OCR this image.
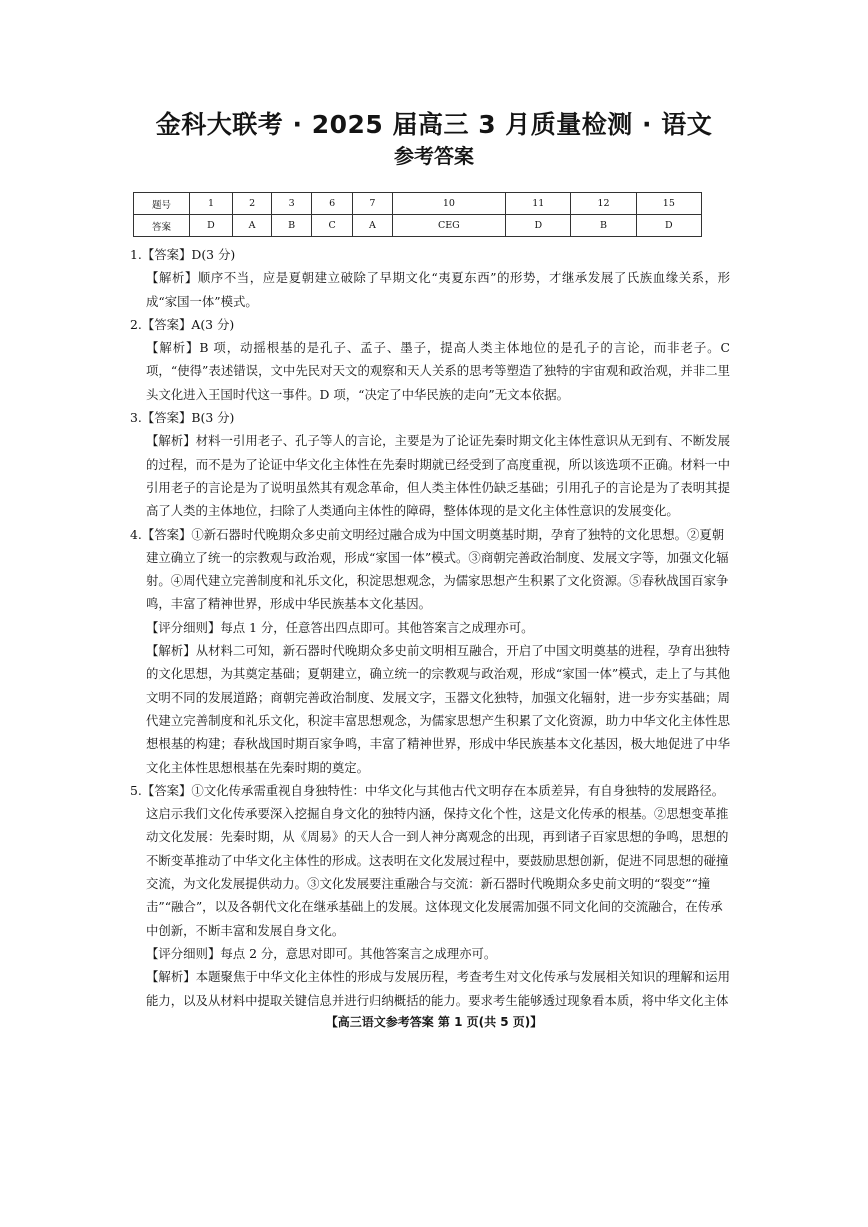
金科大联考 · 2025 届高三 3 月质量检测 · 语文
参考答案
题号	1	2	3	6	7	10	11	12	15
答案	D	A	B	C	A	CEG	D	B	D

1.【答案】D(3 分)

【解析】顺序不当，应是夏朝建立破除了早期文化“夷夏东西”的形势，才继承发展了氏族血缘关系，形成“家国一体”模式。

2.【答案】A(3 分)

【解析】B 项，动摇根基的是孔子、孟子、墨子，提高人类主体地位的是孔子的言论，而非老子。C 项，“使得”表述错误，文中先民对天文的观察和天人关系的思考等塑造了独特的宇宙观和政治观，并非二里头文化进入王国时代这一事件。D 项，“决定了中华民族的走向”无文本依据。

3.【答案】B(3 分)

【解析】材料一引用老子、孔子等人的言论，主要是为了论证先秦时期文化主体性意识从无到有、不断发展的过程，而不是为了论证中华文化主体性在先秦时期就已经受到了高度重视，所以该选项不正确。材料一中引用老子的言论是为了说明虽然其有观念革命，但人类主体性仍缺乏基础；引用孔子的言论是为了表明其提高了人类的主体地位，扫除了人类通向主体性的障碍，整体体现的是文化主体性意识的发展变化。

4.【答案】①新石器时代晚期众多史前文明经过融合成为中国文明奠基时期，孕育了独特的文化思想。②夏朝建立确立了统一的宗教观与政治观，形成“家国一体”模式。③商朝完善政治制度、发展文字等，加强文化辐射。④周代建立完善制度和礼乐文化，积淀思想观念，为儒家思想产生积累了文化资源。⑤春秋战国百家争鸣，丰富了精神世界，形成中华民族基本文化基因。

【评分细则】每点 1 分，任意答出四点即可。其他答案言之成理亦可。

【解析】从材料二可知，新石器时代晚期众多史前文明相互融合，开启了中国文明奠基的进程，孕育出独特的文化思想，为其奠定基础；夏朝建立，确立统一的宗教观与政治观，形成“家国一体”模式，走上了与其他文明不同的发展道路；商朝完善政治制度、发展文字，玉器文化独特，加强文化辐射，进一步夯实基础；周代建立完善制度和礼乐文化，积淀丰富思想观念，为儒家思想产生积累了文化资源，助力中华文化主体性思想根基的构建；春秋战国时期百家争鸣，丰富了精神世界，形成中华民族基本文化基因，极大地促进了中华文化主体性思想根基在先秦时期的奠定。

5.【答案】①文化传承需重视自身独特性：中华文化与其他古代文明存在本质差异，有自身独特的发展路径。这启示我们文化传承要深入挖掘自身文化的独特内涵，保持文化个性，这是文化传承的根基。②思想变革推动文化发展：先秦时期，从《周易》的天人合一到人神分离观念的出现，再到诸子百家思想的争鸣，思想的不断变革推动了中华文化主体性的形成。这表明在文化发展过程中，要鼓励思想创新，促进不同思想的碰撞交流，为文化发展提供动力。③文化发展要注重融合与交流：新石器时代晚期众多史前文明的“裂变”“撞击”“融合”，以及各朝代文化在继承基础上的发展。这体现文化发展需加强不同文化间的交流融合，在传承中创新，不断丰富和发展自身文化。

【评分细则】每点 2 分，意思对即可。其他答案言之成理亦可。

【解析】本题聚焦于中华文化主体性的形成与发展历程，考查考生对文化传承与发展相关知识的理解和运用能力，以及从材料中提取关键信息并进行归纳概括的能力。要求考生能够透过现象看本质，将中华文化主体

【高三语文参考答案 第 1 页(共 5 页)】
